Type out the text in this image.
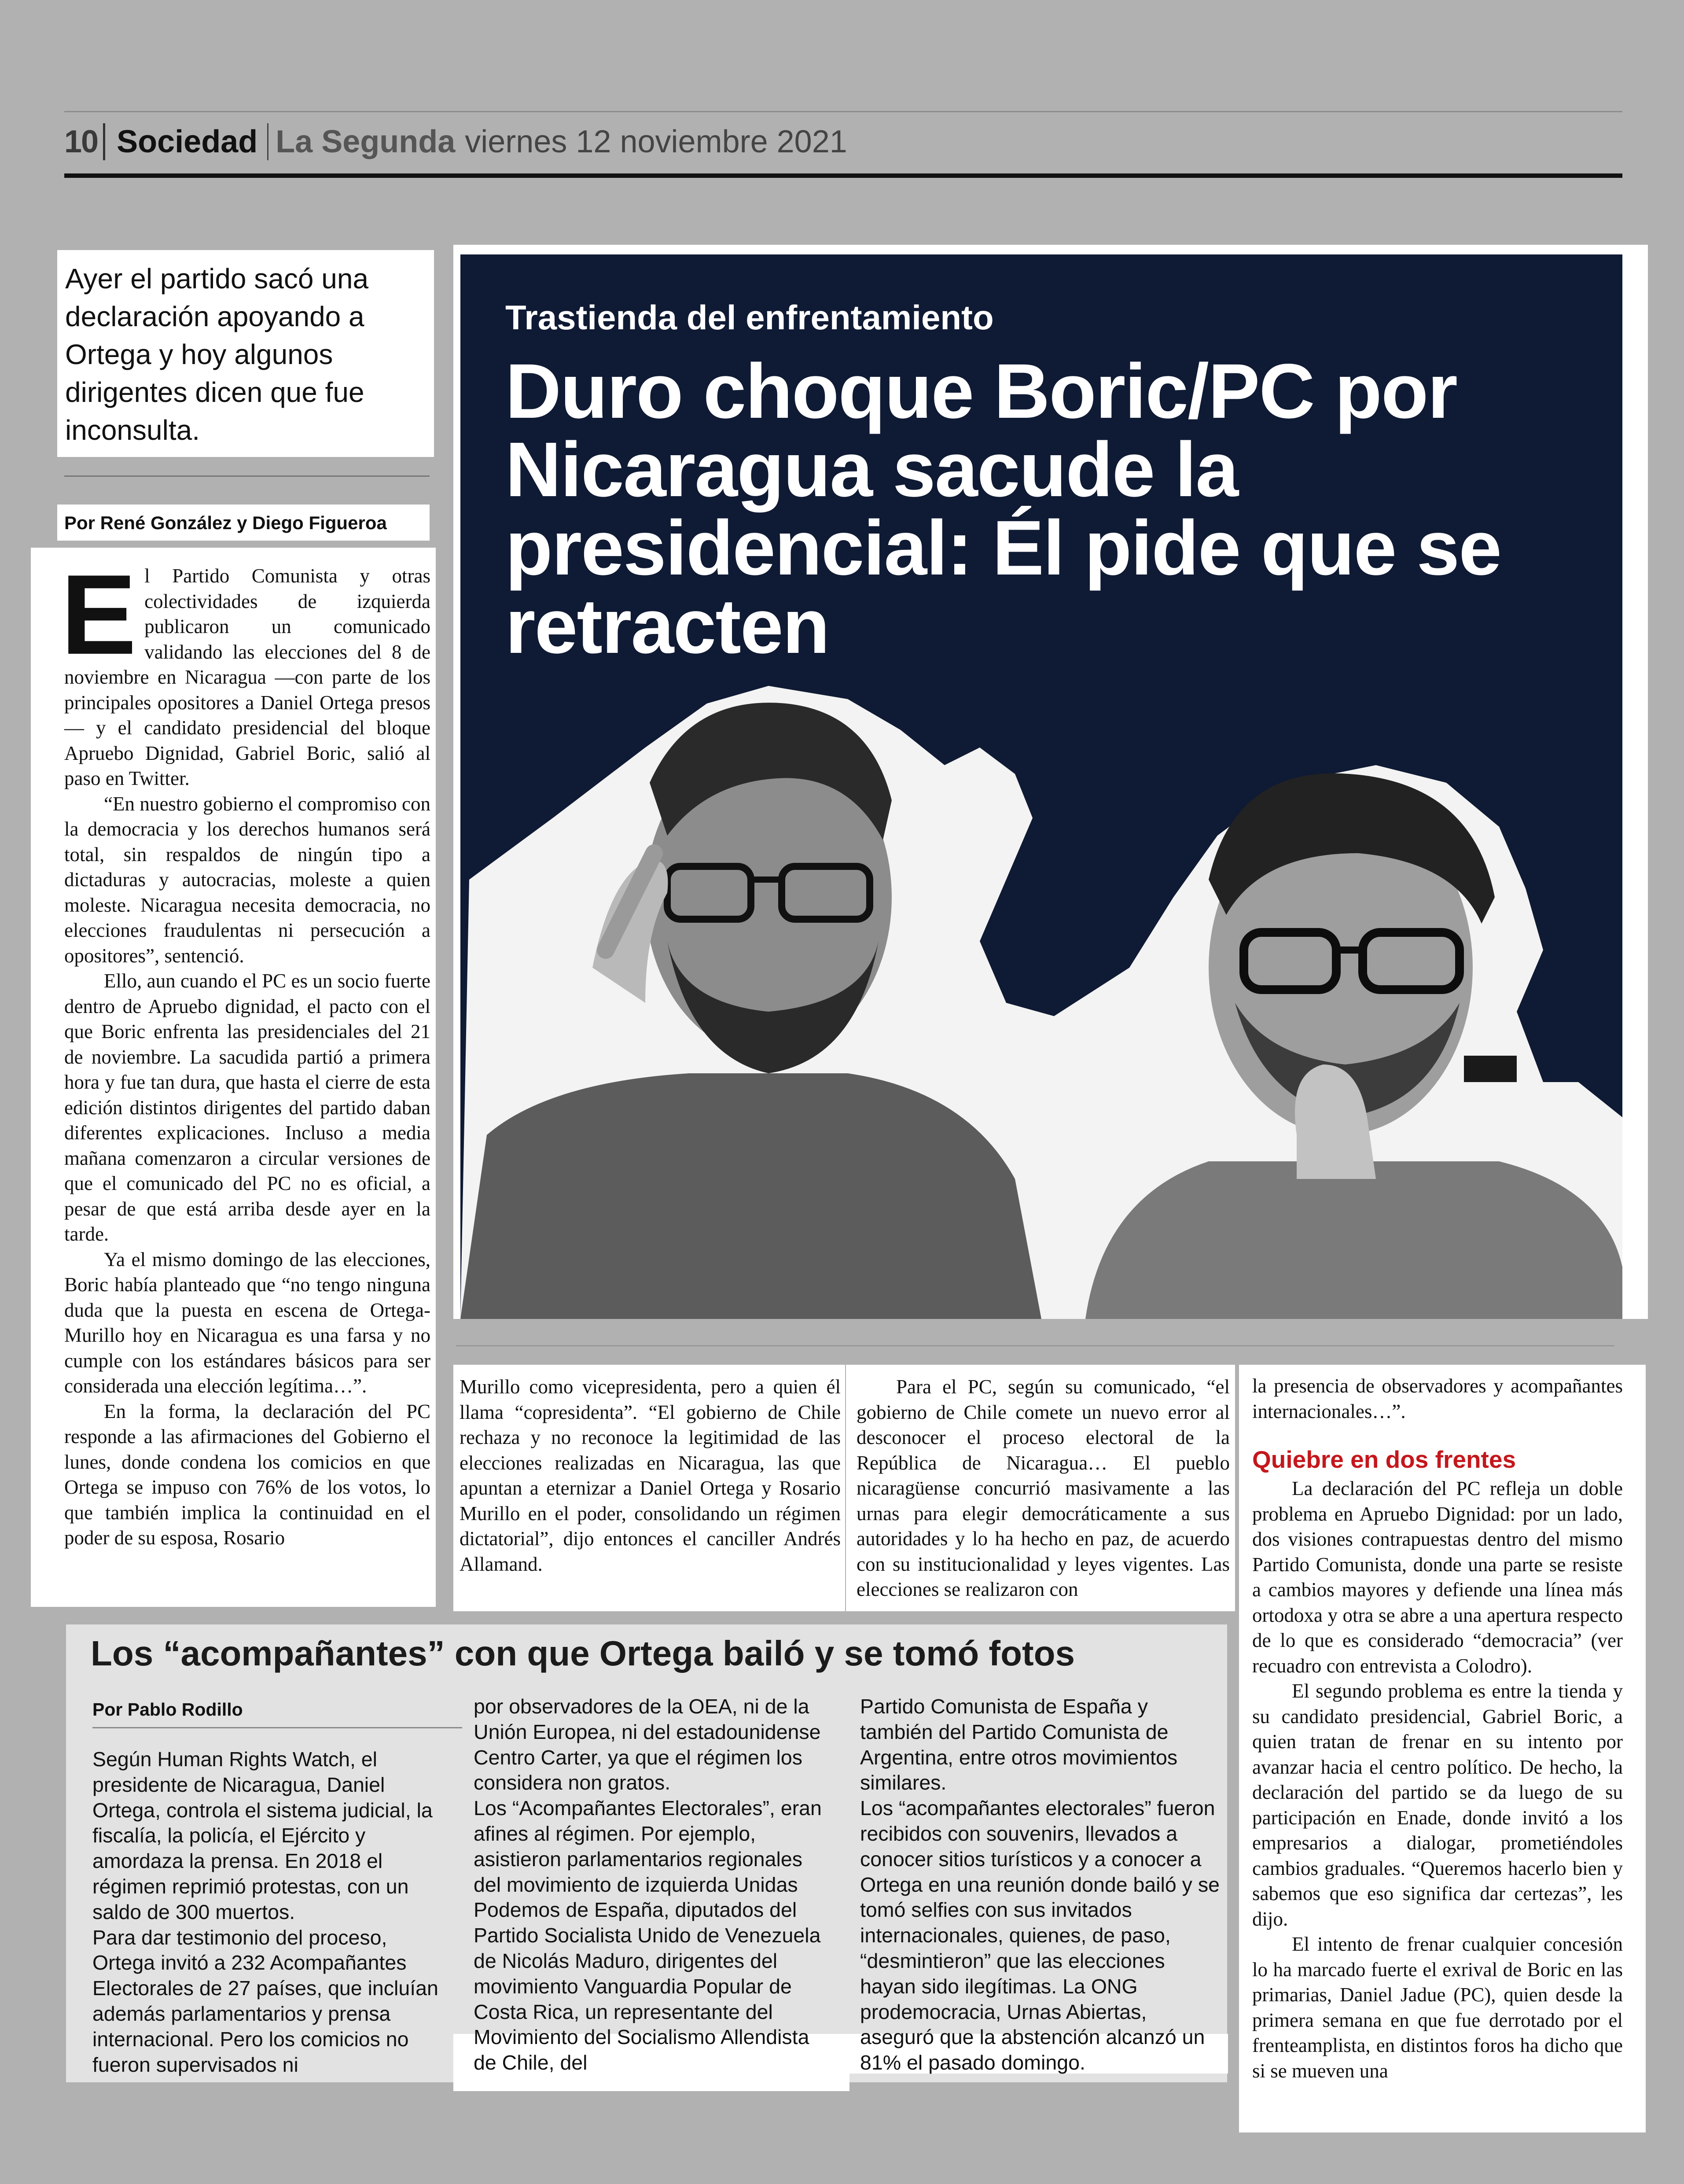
10 Sociedad La Segunda viernes 12 noviembre 2021
Ayer el partido sacó una declaración apoyando a Ortega y hoy algunos dirigentes dicen que fue inconsulta.
Por René González y Diego Figueroa
Trastienda del enfrentamiento
Duro choque Boric/PC por Nicaragua sacude la presidencial: Él pide que se retracten
E l Partido Comunista y otras colectividades de izquierda publicaron un comunicado validando las elecciones del 8 de noviembre en Nicaragua —con parte de los principales opositores a Daniel Ortega presos— y el candidato presidencial del bloque Apruebo Dignidad, Gabriel Boric, salió al paso en Twitter.

“En nuestro gobierno el compromiso con la democracia y los derechos humanos será total, sin respaldos de ningún tipo a dictaduras y autocracias, moleste a quien moleste. Nicaragua necesita democracia, no elecciones fraudulentas ni persecución a opositores”, sentenció.

Ello, aun cuando el PC es un socio fuerte dentro de Apruebo dignidad, el pacto con el que Boric enfrenta las presidenciales del 21 de noviembre. La sacudida partió a primera hora y fue tan dura, que hasta el cierre de esta edición distintos dirigentes del partido daban diferentes explicaciones. Incluso a media mañana comenzaron a circular versiones de que el comunicado del PC no es oficial, a pesar de que está arriba desde ayer en la tarde.

Ya el mismo domingo de las elecciones, Boric había planteado que “no tengo ninguna duda que la puesta en escena de Ortega-Murillo hoy en Nicaragua es una farsa y no cumple con los estándares básicos para ser considerada una elección legítima…”.

En la forma, la declaración del PC responde a las afirmaciones del Gobierno el lunes, donde condena los comicios en que Ortega se impuso con 76% de los votos, lo que también implica la continuidad en el poder de su esposa, Rosario

Murillo como vicepresidenta, pero a quien él llama “copresidenta”. “El gobierno de Chile rechaza y no reconoce la legitimidad de las elecciones realizadas en Nicaragua, las que apuntan a eternizar a Daniel Ortega y Rosario Murillo en el poder, consolidando un régimen dictatorial”, dijo entonces el canciller Andrés Allamand.

Para el PC, según su comunicado, “el gobierno de Chile comete un nuevo error al desconocer el proceso electoral de la República de Nicaragua… El pueblo nicaragüense concurrió masivamente a las urnas para elegir democráticamente a sus autoridades y lo ha hecho en paz, de acuerdo con su institucionalidad y leyes vigentes. Las elecciones se realizaron con

la presencia de observadores y acompañantes internacionales…”.

Quiebre en dos frentes

La declaración del PC refleja un doble problema en Apruebo Dignidad: por un lado, dos visiones contrapuestas dentro del mismo Partido Comunista, donde una parte se resiste a cambios mayores y defiende una línea más ortodoxa y otra se abre a una apertura respecto de lo que es considerado “democracia” (ver recuadro con entrevista a Colodro).

El segundo problema es entre la tienda y su candidato presidencial, Gabriel Boric, a quien tratan de frenar en su intento por avanzar hacia el centro político. De hecho, la declaración del partido se da luego de su participación en Enade, donde invitó a los empresarios a dialogar, prometiéndoles cambios graduales. “Queremos hacerlo bien y sabemos que eso significa dar certezas”, les dijo.

El intento de frenar cualquier concesión lo ha marcado fuerte el exrival de Boric en las primarias, Daniel Jadue (PC), quien desde la primera semana en que fue derrotado por el frenteamplista, en distintos foros ha dicho que si se mueven una

Los “acompañantes” con que Ortega bailó y se tomó fotos
Por Pablo Rodillo

Según Human Rights Watch, el presidente de Nicaragua, Daniel Ortega, controla el sistema judicial, la fiscalía, la policía, el Ejército y amordaza la prensa. En 2018 el régimen reprimió protestas, con un saldo de 300 muertos.

Para dar testimonio del proceso, Ortega invitó a 232 Acompañantes Electorales de 27 países, que incluían además parlamentarios y prensa internacional. Pero los comicios no fueron supervisados ni

por observadores de la OEA, ni de la Unión Europea, ni del estadounidense Centro Carter, ya que el régimen los considera non gratos.

Los “Acompañantes Electorales”, eran afines al régimen. Por ejemplo, asistieron parlamentarios regionales del movimiento de izquierda Unidas Podemos de España, diputados del Partido Socialista Unido de Venezuela de Nicolás Maduro, dirigentes del movimiento Vanguardia Popular de Costa Rica, un representante del Movimiento del Socialismo Allendista de Chile, del

Partido Comunista de España y también del Partido Comunista de Argentina, entre otros movimientos similares.

Los “acompañantes electorales” fueron recibidos con souvenirs, llevados a conocer sitios turísticos y a conocer a Ortega en una reunión donde bailó y se tomó selfies con sus invitados internacionales, quienes, de paso, “desmintieron” que las elecciones hayan sido ilegítimas. La ONG prodemocracia, Urnas Abiertas, aseguró que la abstención alcanzó un 81% el pasado domingo.
